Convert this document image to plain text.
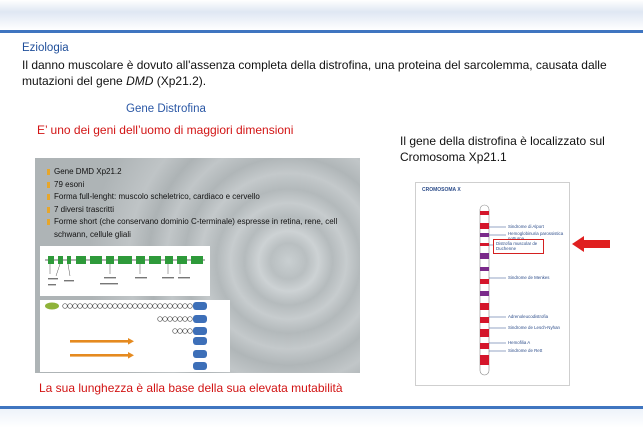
Eziologia
Il danno muscolare è dovuto all'assenza completa della distrofina, una proteina del sarcolemma, causata dalle mutazioni del gene DMD (Xp21.2).
Gene Distrofina
E’ uno dei geni dell’uomo di maggiori dimensioni
Gene DMD Xp21.2
79 esoni
Forma full-lenght: muscolo scheletrico, cardiaco e cervello
7 diversi trascritti
Forme short (che conservano dominio C-terminale) espresse in retina, rene, cell schwann, cellule gliali
La sua lunghezza è alla base della sua elevata mutabilità
Il gene della distrofina è localizzato sul Cromosoma Xp21.1
CROMOSOMA X
Sindrome di Alport
Hemoglobinuria parossistica notturna
Distrofia muscolar de Duchenne
Sindrome de Menkes
Adrenoleucodistrofia
Sindrome de Lesch-Nyhan
Hemofilia A
Sindrome de Rett
